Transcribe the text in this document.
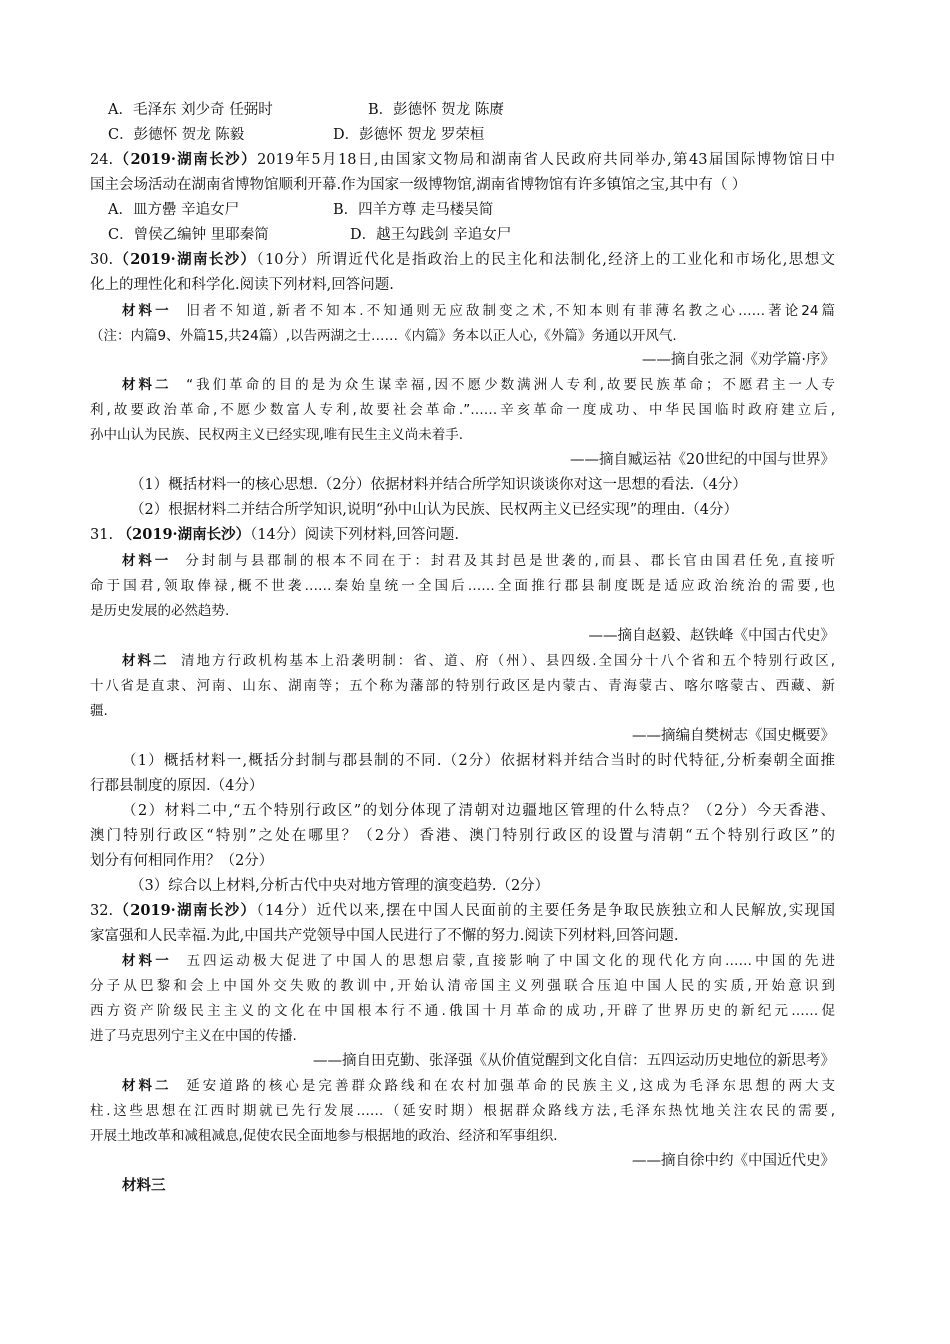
A．毛泽东 刘少奇 任弼时	B．彭德怀 贺龙 陈赓
C．彭德怀 贺龙 陈毅	D．彭德怀 贺龙 罗荣桓
24.（2019·湖南长沙）2019年5月18日,由国家文物局和湖南省人民政府共同举办,第43届国际博物馆日中
国主会场活动在湖南省博物馆顺利开幕.作为国家一级博物馆,湖南省博物馆有许多镇馆之宝,其中有（ ）
A．皿方罍 辛追女尸	B．四羊方尊 走马楼吴简
C．曾侯乙编钟 里耶秦简	D．越王勾践剑 辛追女尸
30.（2019·湖南长沙）（10分）所谓近代化是指政治上的民主化和法制化,经济上的工业化和市场化,思想文
化上的理性化和科学化.阅读下列材料,回答问题.
材料一 旧者不知道,新者不知本.不知通则无应敌制变之术,不知本则有菲薄名教之心……著论24篇
（注：内篇9、外篇15,共24篇）,以告两湖之士……《内篇》务本以正人心,《外篇》务通以开风气.
——摘自张之洞《劝学篇·序》
材料二 “我们革命的目的是为众生谋幸福,因不愿少数满洲人专利,故要民族革命；不愿君主一人专
利,故要政治革命,不愿少数富人专利,故要社会革命.”……辛亥革命一度成功、中华民国临时政府建立后,
孙中山认为民族、民权两主义已经实现,唯有民生主义尚未着手.
——摘自臧运祜《20世纪的中国与世界》
（1）概括材料一的核心思想.（2分）依据材料并结合所学知识谈谈你对这一思想的看法.（4分）
（2）根据材料二并结合所学知识,说明“孙中山认为民族、民权两主义已经实现”的理由.（4分）
31. （2019·湖南长沙）（14分）阅读下列材料,回答问题.
材料一 分封制与县郡制的根本不同在于：封君及其封邑是世袭的,而县、郡长官由国君任免,直接听
命于国君,领取俸禄,概不世袭……秦始皇统一全国后……全面推行郡县制度既是适应政治统治的需要,也
是历史发展的必然趋势.
——摘自赵毅、赵铁峰《中国古代史》
材料二 清地方行政机构基本上沿袭明制：省、道、府（州）、县四级.全国分十八个省和五个特别行政区,
十八省是直隶、河南、山东、湖南等；五个称为藩部的特别行政区是内蒙古、青海蒙古、喀尔喀蒙古、西藏、新
疆.
——摘编自樊树志《国史概要》
（1）概括材料一,概括分封制与郡县制的不同.（2分）依据材料并结合当时的时代特征,分析秦朝全面推
行郡县制度的原因.（4分）
（2）材料二中,“五个特别行政区”的划分体现了清朝对边疆地区管理的什么特点？（2分）今天香港、
澳门特别行政区“特别”之处在哪里？（2分）香港、澳门特别行政区的设置与清朝“五个特别行政区”的
划分有何相同作用？（2分）
（3）综合以上材料,分析古代中央对地方管理的演变趋势.（2分）
32.（2019·湖南长沙）（14分）近代以来,摆在中国人民面前的主要任务是争取民族独立和人民解放,实现国
家富强和人民幸福.为此,中国共产党领导中国人民进行了不懈的努力.阅读下列材料,回答问题.
材料一 五四运动极大促进了中国人的思想启蒙,直接影响了中国文化的现代化方向……中国的先进
分子从巴黎和会上中国外交失败的教训中,开始认清帝国主义列强联合压迫中国人民的实质,开始意识到
西方资产阶级民主主义的文化在中国根本行不通.俄国十月革命的成功,开辟了世界历史的新纪元……促
进了马克思列宁主义在中国的传播.
——摘自田克勤、张泽强《从价值觉醒到文化自信：五四运动历史地位的新思考》
材料二 延安道路的核心是完善群众路线和在农村加强革命的民族主义,这成为毛泽东思想的两大支
柱.这些思想在江西时期就已先行发展……（延安时期）根据群众路线方法,毛泽东热忱地关注农民的需要,
开展土地改革和减租减息,促使农民全面地参与根据地的政治、经济和军事组织.
——摘自徐中约《中国近代史》
材料三
